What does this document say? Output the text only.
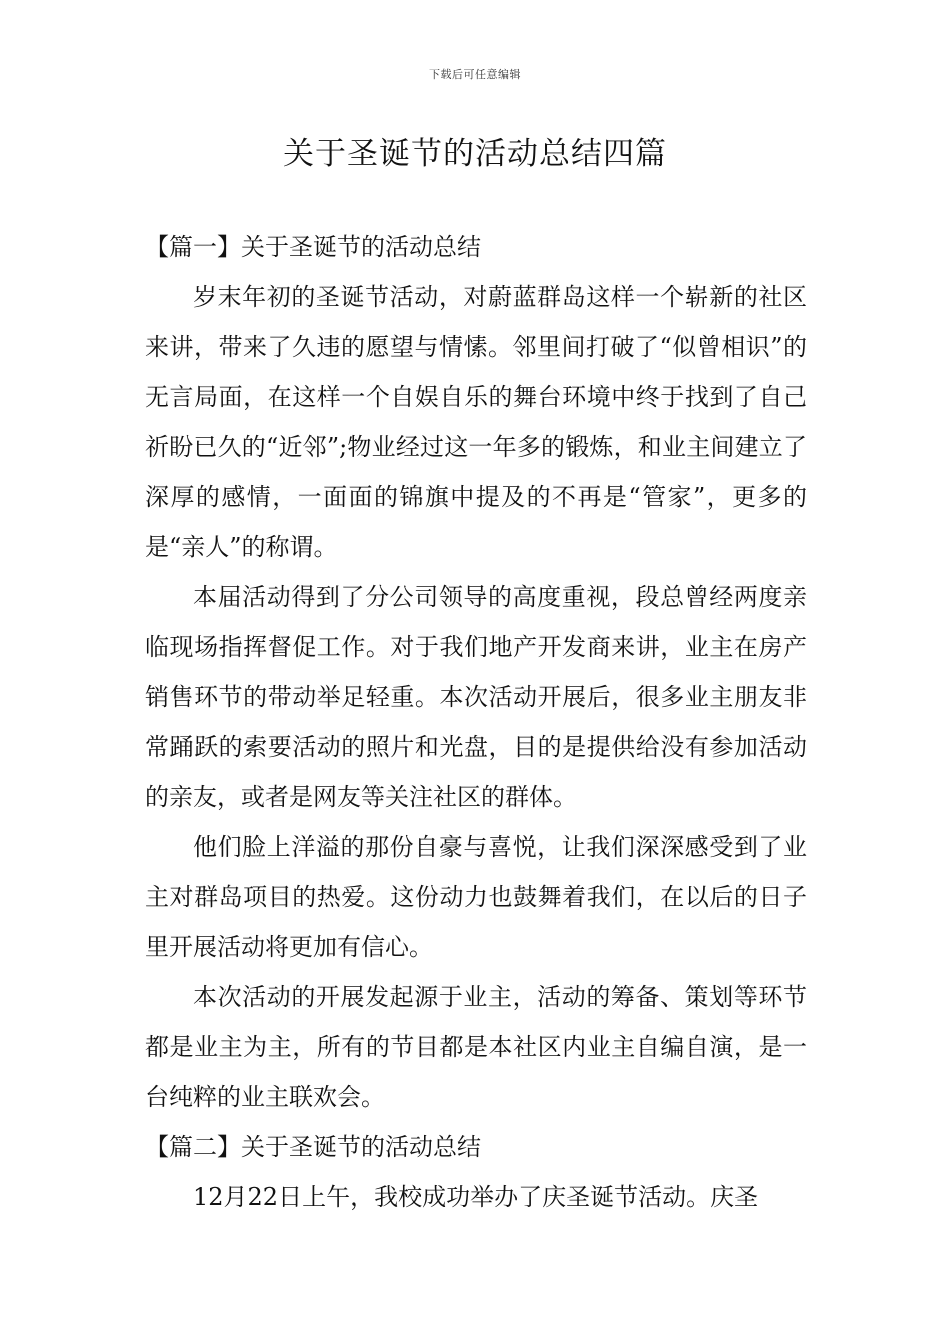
下载后可任意编辑
关于圣诞节的活动总结四篇

【篇一】关于圣诞节的活动总结

岁末年初的圣诞节活动，对蔚蓝群岛这样一个崭新的社区来讲，带来了久违的愿望与情愫。邻里间打破了“似曾相识”的无言局面，在这样一个自娱自乐的舞台环境中终于找到了自己祈盼已久的“近邻”;物业经过这一年多的锻炼，和业主间建立了深厚的感情，一面面的锦旗中提及的不再是“管家”，更多的是“亲人”的称谓。

本届活动得到了分公司领导的高度重视，段总曾经两度亲临现场指挥督促工作。对于我们地产开发商来讲，业主在房产销售环节的带动举足轻重。本次活动开展后，很多业主朋友非常踊跃的索要活动的照片和光盘，目的是提供给没有参加活动的亲友，或者是网友等关注社区的群体。

他们脸上洋溢的那份自豪与喜悦，让我们深深感受到了业主对群岛项目的热爱。这份动力也鼓舞着我们，在以后的日子里开展活动将更加有信心。

本次活动的开展发起源于业主，活动的筹备、策划等环节都是业主为主，所有的节目都是本社区内业主自编自演，是一台纯粹的业主联欢会。

【篇二】关于圣诞节的活动总结

12月22日上午，我校成功举办了庆圣诞节活动。庆圣
